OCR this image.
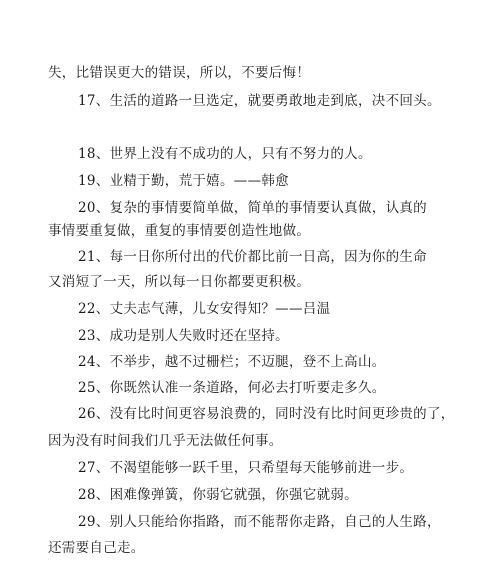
失，比错误更大的错误，所以，不要后悔！
17、生活的道路一旦选定，就要勇敢地走到底，决不回头。
18、世界上没有不成功的人，只有不努力的人。
19、业精于勤，荒于嬉。——韩愈
20、复杂的事情要简单做，简单的事情要认真做，认真的
事情要重复做，重复的事情要创造性地做。
21、每一日你所付出的代价都比前一日高，因为你的生命
又消短了一天，所以每一日你都要更积极。
22、丈夫志气薄，儿女安得知？——吕温
23、成功是别人失败时还在坚持。
24、不举步，越不过栅栏；不迈腿，登不上高山。
25、你既然认准一条道路，何必去打听要走多久。
26、没有比时间更容易浪费的，同时没有比时间更珍贵的了，
因为没有时间我们几乎无法做任何事。
27、不渴望能够一跃千里，只希望每天能够前进一步。
28、困难像弹簧，你弱它就强，你强它就弱。
29、别人只能给你指路，而不能帮你走路，自己的人生路，
还需要自己走。
